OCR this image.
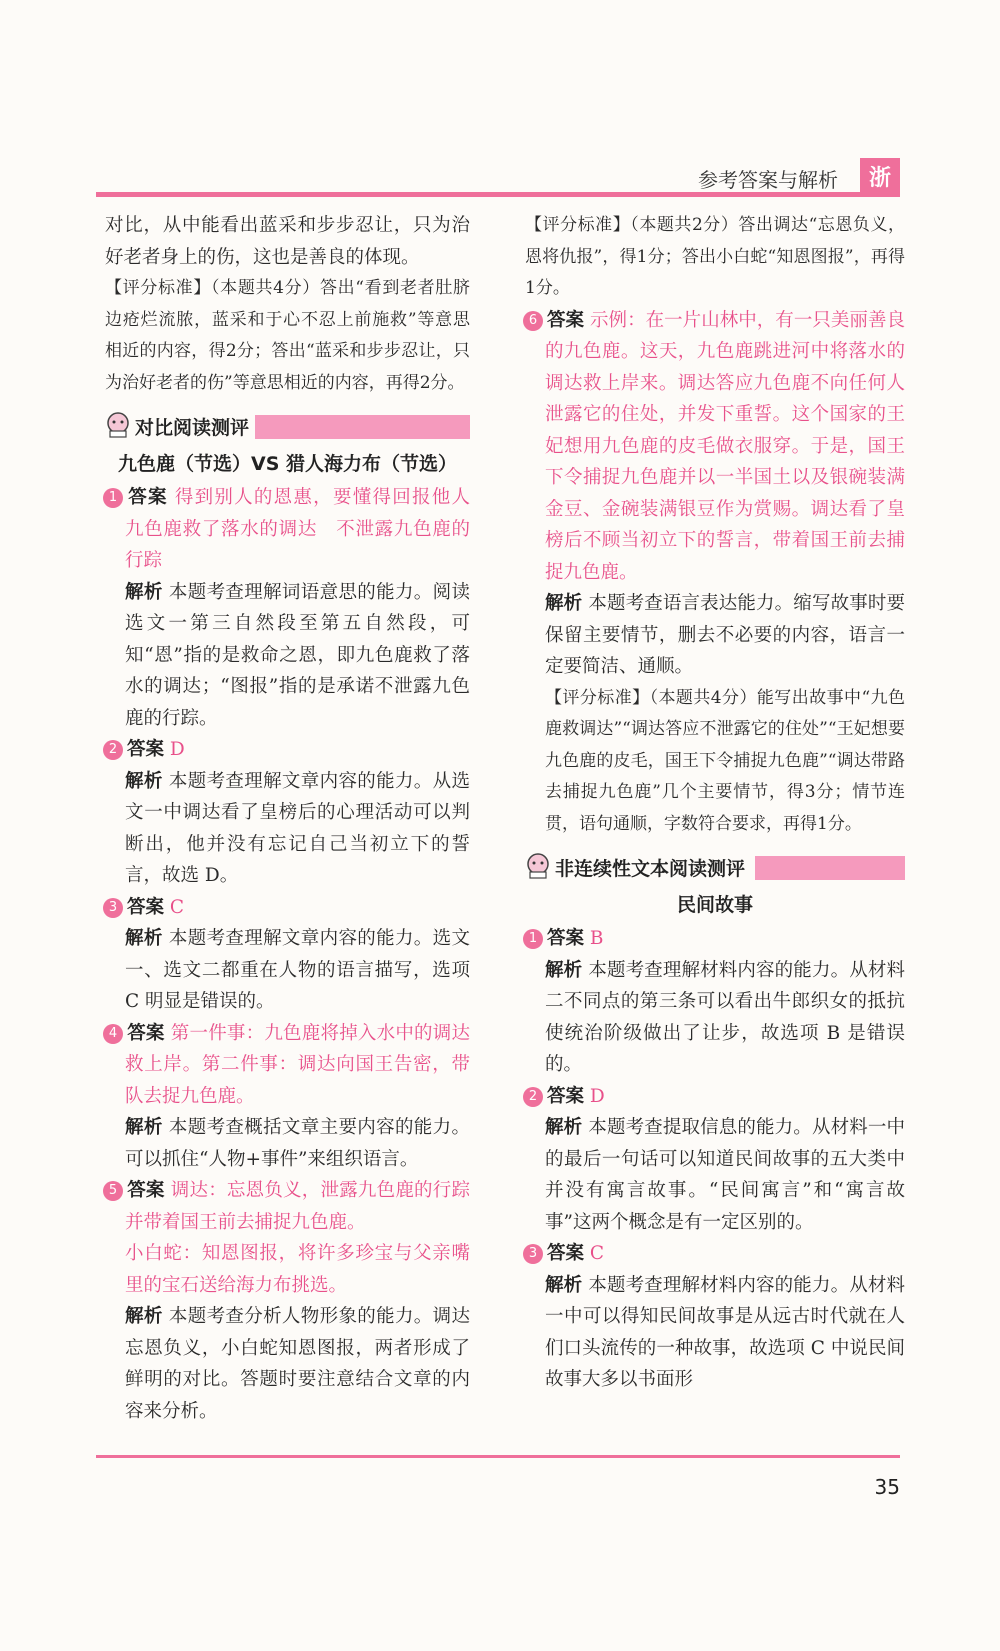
参考答案与解析	浙

对比，从中能看出蓝采和步步忍让，只为治好老者身上的伤，这也是善良的体现。

【评分标准】（本题共4分）答出“看到老者肚脐边疮烂流脓，蓝采和于心不忍上前施救”等意思相近的内容，得2分；答出“蓝采和步步忍让，只为治好老者的伤”等意思相近的内容，再得2分。

对比阅读测评
九色鹿（节选）VS 猎人海力布（节选）

1 答案 得到别人的恩惠，要懂得回报他人　九色鹿救了落水的调达　不泄露九色鹿的行踪

解析 本题考查理解词语意思的能力。阅读选文一第三自然段至第五自然段，可知“恩”指的是救命之恩，即九色鹿救了落水的调达；“图报”指的是承诺不泄露九色鹿的行踪。

2 答案 D

解析 本题考查理解文章内容的能力。从选文一中调达看了皇榜后的心理活动可以判断出，他并没有忘记自己当初立下的誓言，故选 D。

3 答案 C

解析 本题考查理解文章内容的能力。选文一、选文二都重在人物的语言描写，选项 C 明显是错误的。

4 答案 第一件事：九色鹿将掉入水中的调达救上岸。第二件事：调达向国王告密，带队去捉九色鹿。

解析 本题考查概括文章主要内容的能力。可以抓住“人物+事件”来组织语言。

5 答案 调达：忘恩负义，泄露九色鹿的行踪并带着国王前去捕捉九色鹿。

小白蛇：知恩图报，将许多珍宝与父亲嘴里的宝石送给海力布挑选。

解析 本题考查分析人物形象的能力。调达忘恩负义，小白蛇知恩图报，两者形成了鲜明的对比。答题时要注意结合文章的内容来分析。

【评分标准】（本题共2分）答出调达“忘恩负义，恩将仇报”，得1分；答出小白蛇“知恩图报”，再得1分。

6 答案 示例：在一片山林中，有一只美丽善良的九色鹿。这天，九色鹿跳进河中将落水的调达救上岸来。调达答应九色鹿不向任何人泄露它的住处，并发下重誓。这个国家的王妃想用九色鹿的皮毛做衣服穿。于是，国王下令捕捉九色鹿并以一半国土以及银碗装满金豆、金碗装满银豆作为赏赐。调达看了皇榜后不顾当初立下的誓言，带着国王前去捕捉九色鹿。

解析 本题考查语言表达能力。缩写故事时要保留主要情节，删去不必要的内容，语言一定要简洁、通顺。

【评分标准】（本题共4分）能写出故事中“九色鹿救调达”“调达答应不泄露它的住处”“王妃想要九色鹿的皮毛，国王下令捕捉九色鹿”“调达带路去捕捉九色鹿”几个主要情节，得3分；情节连贯，语句通顺，字数符合要求，再得1分。

非连续性文本阅读测评
民间故事

1 答案 B

解析 本题考查理解材料内容的能力。从材料二不同点的第三条可以看出牛郎织女的抵抗使统治阶级做出了让步，故选项 B 是错误的。

2 答案 D

解析 本题考查提取信息的能力。从材料一中的最后一句话可以知道民间故事的五大类中并没有寓言故事。“民间寓言”和“寓言故事”这两个概念是有一定区别的。

3 答案 C

解析 本题考查理解材料内容的能力。从材料一中可以得知民间故事是从远古时代就在人们口头流传的一种故事，故选项 C 中说民间故事大多以书面形

35
